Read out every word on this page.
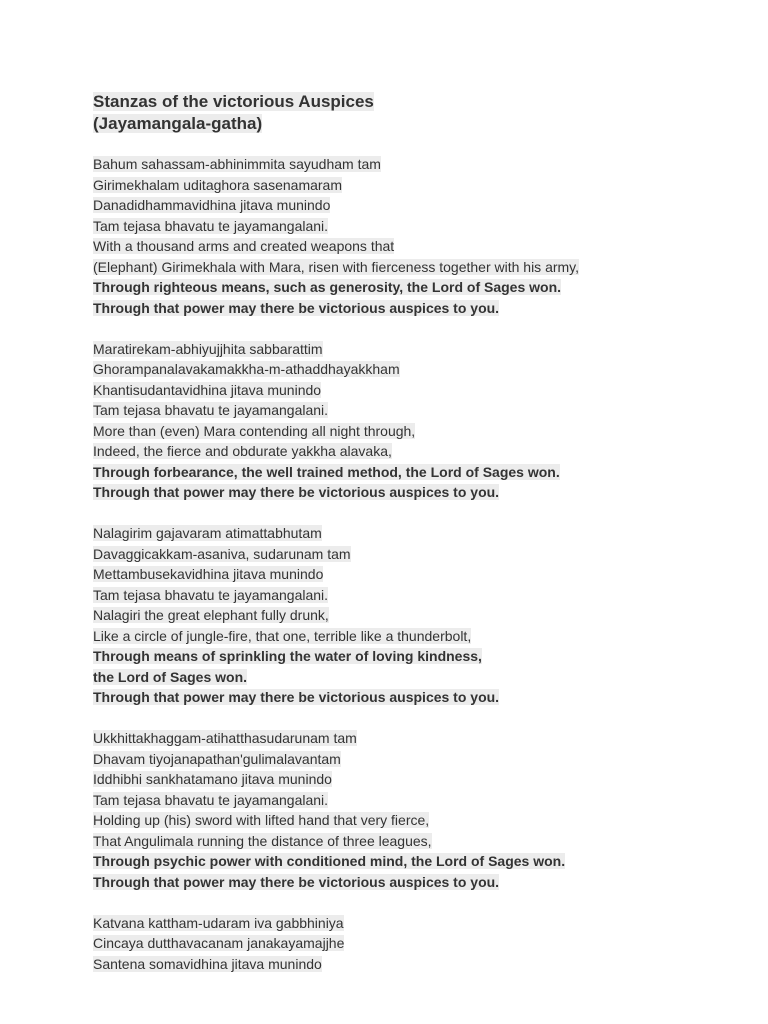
Stanzas of the victorious Auspices
(Jayamangala-gatha)
Bahum sahassam-abhinimmita sayudham tam
Girimekhalam uditaghora sasenamaram
Danadidhammavidhina jitava munindo
Tam tejasa bhavatu te jayamangalani.
With a thousand arms and created weapons that
(Elephant) Girimekhala with Mara, risen with fierceness together with his army,
Through righteous means, such as generosity, the Lord of Sages won.
Through that power may there be victorious auspices to you.
Maratirekam-abhiyujjhita sabbarattim
Ghorampanalavakamakkha-m-athaddhayakkham
Khantisudantavidhina jitava munindo
Tam tejasa bhavatu te jayamangalani.
More than (even) Mara contending all night through,
Indeed, the fierce and obdurate yakkha alavaka,
Through forbearance, the well trained method, the Lord of Sages won.
Through that power may there be victorious auspices to you.
Nalagirim gajavaram atimattabhutam
Davaggicakkam-asaniva, sudarunam tam
Mettambusekavidhina jitava munindo
Tam tejasa bhavatu te jayamangalani.
Nalagiri the great elephant fully drunk,
Like a circle of jungle-fire, that one, terrible like a thunderbolt,
Through means of sprinkling the water of loving kindness,
the Lord of Sages won.
Through that power may there be victorious auspices to you.
Ukkhittakhaggam-atihatthasudarunam tam
Dhavam tiyojanapathan'gulimalavantam
Iddhibhi sankhatamano jitava munindo
Tam tejasa bhavatu te jayamangalani.
Holding up (his) sword with lifted hand that very fierce,
That Angulimala running the distance of three leagues,
Through psychic power with conditioned mind, the Lord of Sages won.
Through that power may there be victorious auspices to you.
Katvana kattham-udaram iva gabbhiniya
Cincaya dutthavacanam janakayamajjhe
Santena somavidhina jitava munindo
